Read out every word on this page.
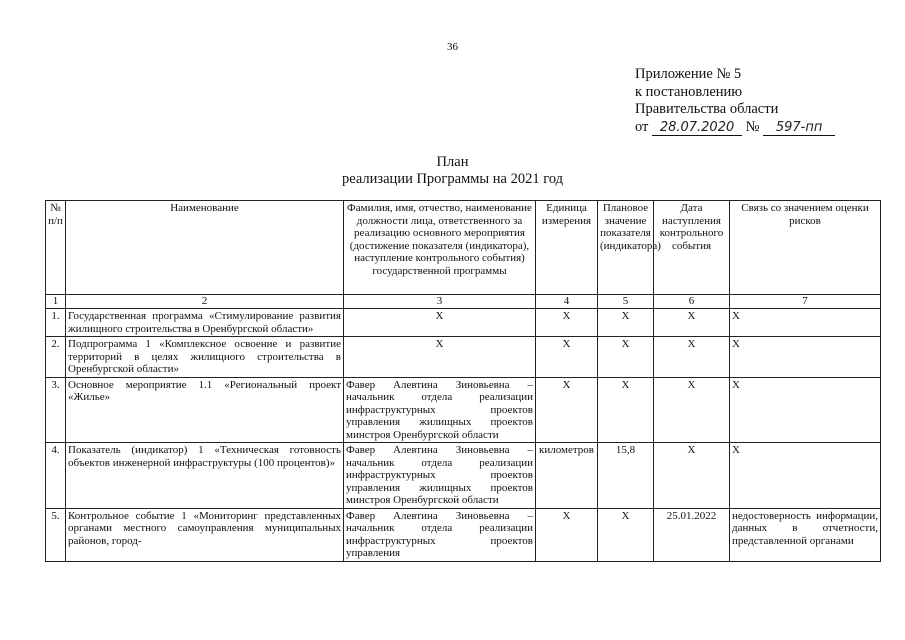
36
Приложение № 5
к постановлению
Правительства области
от 28.07.2020 № 597-пп
План
реализации Программы на 2021 год
№ п/п	Наименование	Фамилия, имя, отчество, наименование должности лица, ответственного за реализацию основного мероприятия (достижение показателя (индикатора), наступление контрольного события) государственной программы	Единица измерения	Плановое значение показателя (индикатора)	Дата наступления контрольного события	Связь со значением оценки рисков
1	2	3	4	5	6	7
1.	Государственная программа «Стимулирование развития жилищного строительства в Оренбургской области»	Х	Х	Х	Х	Х
2.	Подпрограмма 1 «Комплексное освоение и развитие территорий в целях жилищного строительства в Оренбургской области»	Х	Х	Х	Х	Х
3.	Основное мероприятие 1.1 «Региональный проект «Жилье»	Фавер Алевтина Зиновьевна – начальник отдела реализации инфраструктурных проектов управления жилищных проектов минстроя Оренбургской области	Х	Х	Х	Х
4.	Показатель (индикатор) 1 «Техническая готовность объектов инженерной инфраструктуры (100 процентов)»	Фавер Алевтина Зиновьевна – начальник отдела реализации инфраструктурных проектов управления жилищных проектов минстроя Оренбургской области	километров	15,8	Х	Х
5.	Контрольное событие 1 «Мониторинг представленных органами местного самоуправления муниципальных районов, город-	Фавер Алевтина Зиновьевна – начальник отдела реализации инфраструктурных проектов управления	Х	Х	25.01.2022	недостоверность информации, данных в отчетности, представленной органами
